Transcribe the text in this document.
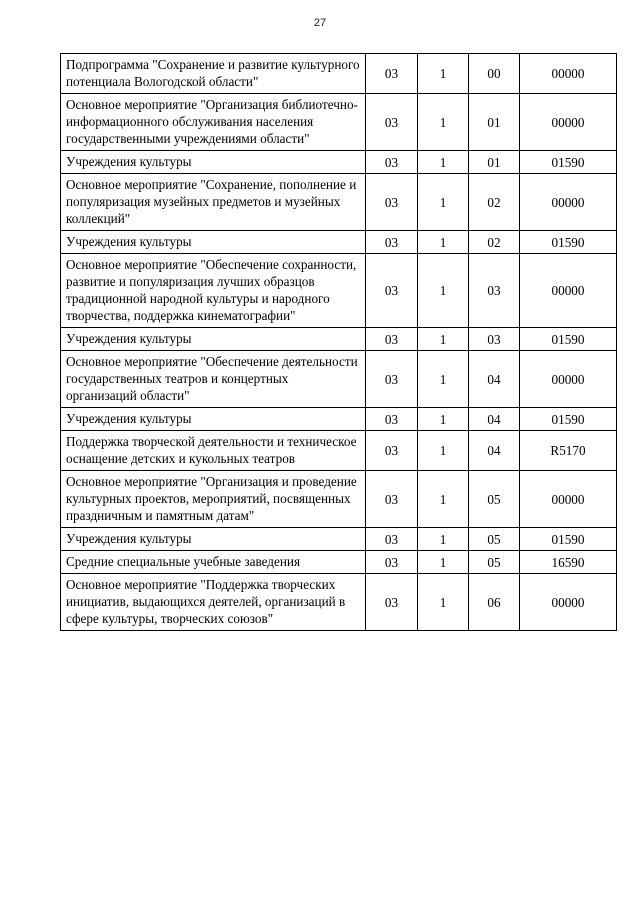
27
Подпрограмма "Сохранение и развитие культурного потенциала Вологодской области"	03	1	00	00000
Основное мероприятие "Организация библиотечно-информационного обслуживания населения государственными учреждениями области"	03	1	01	00000
Учреждения культуры	03	1	01	01590
Основное мероприятие "Сохранение, пополнение и популяризация музейных предметов и музейных коллекций"	03	1	02	00000
Учреждения культуры	03	1	02	01590
Основное мероприятие "Обеспечение сохранности, развитие и популяризация лучших образцов традиционной народной культуры и народного творчества, поддержка кинематографии"	03	1	03	00000
Учреждения культуры	03	1	03	01590
Основное мероприятие "Обеспечение деятельности государственных театров и концертных организаций области"	03	1	04	00000
Учреждения культуры	03	1	04	01590
Поддержка творческой деятельности и техническое оснащение детских и кукольных театров	03	1	04	R5170
Основное мероприятие "Организация и проведение культурных проектов, мероприятий, посвященных праздничным и памятным датам"	03	1	05	00000
Учреждения культуры	03	1	05	01590
Средние специальные учебные заведения	03	1	05	16590
Основное мероприятие "Поддержка творческих инициатив, выдающихся деятелей, организаций в сфере культуры, творческих союзов"	03	1	06	00000
